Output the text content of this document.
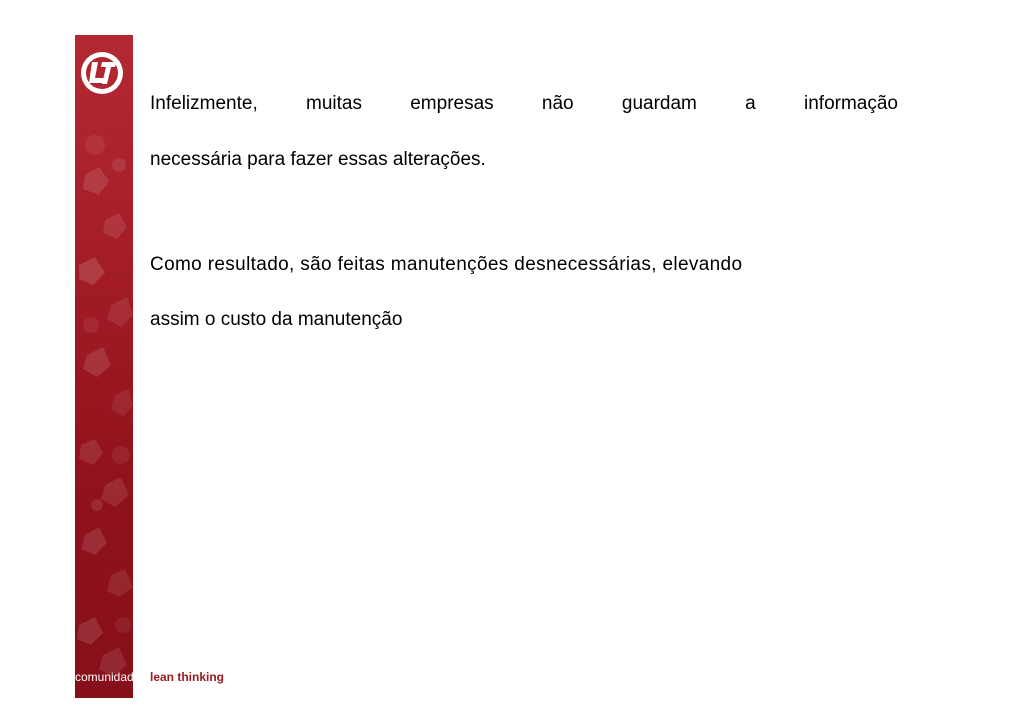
Infelizmente,	muitas	empresas	não	guardam	a	informação
necessária para fazer essas alterações.
Como resultado, são feitas manutenções desnecessárias, elevando
assim o custo da manutenção
comunidade lean thinking
